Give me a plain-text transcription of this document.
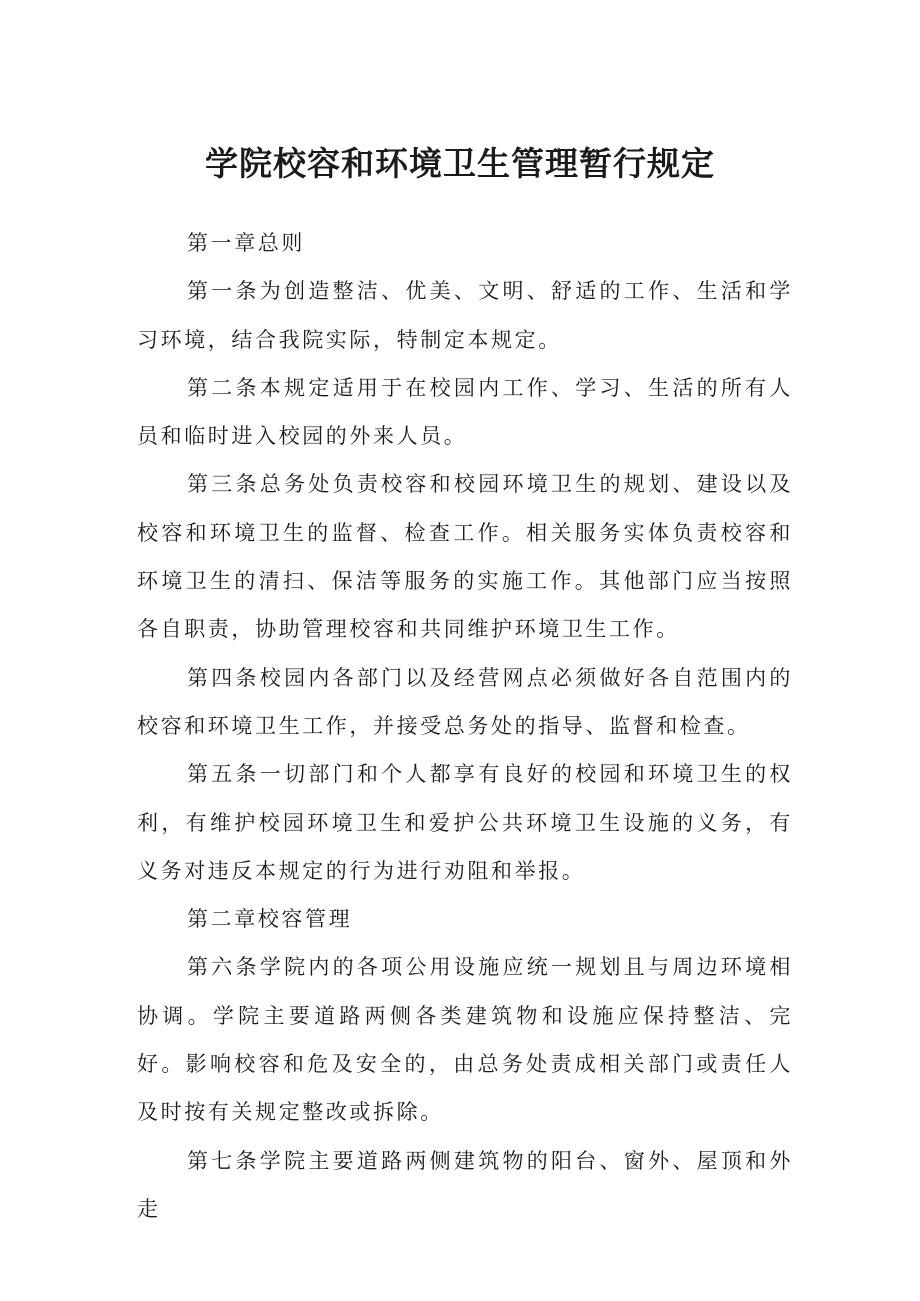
学院校容和环境卫生管理暂行规定

第一章总则

第一条为创造整洁、优美、文明、舒适的工作、生活和学习环境，结合我院实际，特制定本规定。

第二条本规定适用于在校园内工作、学习、生活的所有人员和临时进入校园的外来人员。

第三条总务处负责校容和校园环境卫生的规划、建设以及校容和环境卫生的监督、检查工作。相关服务实体负责校容和环境卫生的清扫、保洁等服务的实施工作。其他部门应当按照各自职责，协助管理校容和共同维护环境卫生工作。

第四条校园内各部门以及经营网点必须做好各自范围内的校容和环境卫生工作，并接受总务处的指导、监督和检查。

第五条一切部门和个人都享有良好的校园和环境卫生的权利，有维护校园环境卫生和爱护公共环境卫生设施的义务，有义务对违反本规定的行为进行劝阻和举报。

第二章校容管理

第六条学院内的各项公用设施应统一规划且与周边环境相协调。学院主要道路两侧各类建筑物和设施应保持整洁、完好。影响校容和危及安全的，由总务处责成相关部门或责任人及时按有关规定整改或拆除。

第七条学院主要道路两侧建筑物的阳台、窗外、屋顶和外走
